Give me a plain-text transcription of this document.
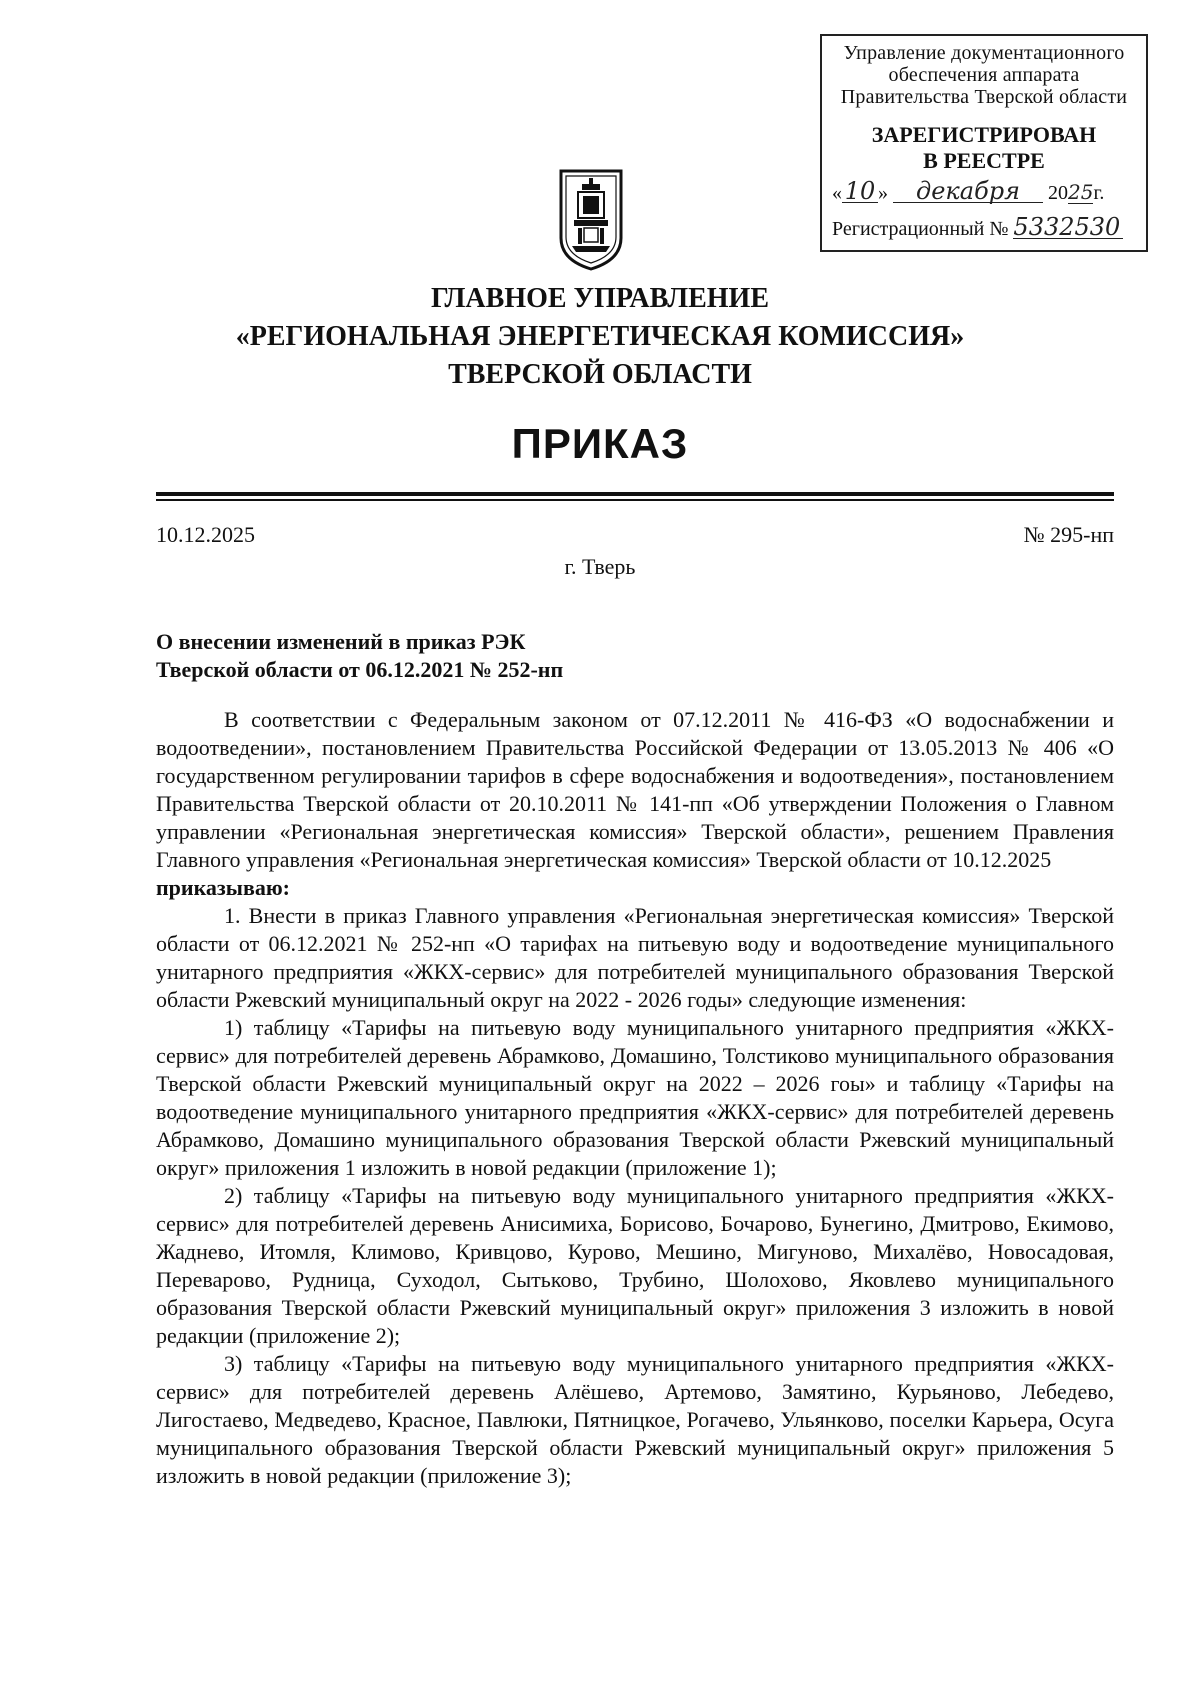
Управление документационного
обеспечения аппарата
Правительства Тверской области
ЗАРЕГИСТРИРОВАН
В РЕЕСТРЕ
« 10 » декабря 2025г.
Регистрационный № 5332530
ГЛАВНОЕ УПРАВЛЕНИЕ
«РЕГИОНАЛЬНАЯ ЭНЕРГЕТИЧЕСКАЯ КОМИССИЯ»
ТВЕРСКОЙ ОБЛАСТИ
ПРИКАЗ
10.12.2025	№ 295-нп
г. Тверь
О внесении изменений в приказ РЭК
Тверской области от 06.12.2021 № 252-нп

В соответствии с Федеральным законом от 07.12.2011 № 416-ФЗ «О водоснабжении и водоотведении», постановлением Правительства Российской Федерации от 13.05.2013 № 406 «О государственном регулировании тарифов в сфере водоснабжения и водоотведения», постановлением Правительства Тверской области от 20.10.2011 № 141-пп «Об утверждении Положения о Главном управлении «Региональная энергетическая комиссия» Тверской области», решением Правления Главного управления «Региональная энергетическая комиссия» Тверской области от 10.12.2025

приказываю:

1. Внести в приказ Главного управления «Региональная энергетическая комиссия» Тверской области от 06.12.2021 № 252-нп «О тарифах на питьевую воду и водоотведение муниципального унитарного предприятия «ЖКХ-сервис» для потребителей муниципального образования Тверской области Ржевский муниципальный округ на 2022 - 2026 годы» следующие изменения:

1) таблицу «Тарифы на питьевую воду муниципального унитарного предприятия «ЖКХ-сервис» для потребителей деревень Абрамково, Домашино, Толстиково муниципального образования Тверской области Ржевский муниципальный округ на 2022 – 2026 гоы» и таблицу «Тарифы на водоотведение муниципального унитарного предприятия «ЖКХ-сервис» для потребителей деревень Абрамково, Домашино муниципального образования Тверской области Ржевский муниципальный округ» приложения 1 изложить в новой редакции (приложение 1);

2) таблицу «Тарифы на питьевую воду муниципального унитарного предприятия «ЖКХ-сервис» для потребителей деревень Анисимиха, Борисово, Бочарово, Бунегино, Дмитрово, Екимово, Жаднево, Итомля, Климово, Кривцово, Курово, Мешино, Мигуново, Михалёво, Новосадовая, Переварово, Рудница, Суходол, Сытьково, Трубино, Шолохово, Яковлево муниципального образования Тверской области Ржевский муниципальный округ» приложения 3 изложить в новой редакции (приложение 2);

3) таблицу «Тарифы на питьевую воду муниципального унитарного предприятия «ЖКХ-сервис» для потребителей деревень Алёшево, Артемово, Замятино, Курьяново, Лебедево, Лигостаево, Медведево, Красное, Павлюки, Пятницкое, Рогачево, Ульянково, поселки Карьера, Осуга муниципального образования Тверской области Ржевский муниципальный округ» приложения 5 изложить в новой редакции (приложение 3);
